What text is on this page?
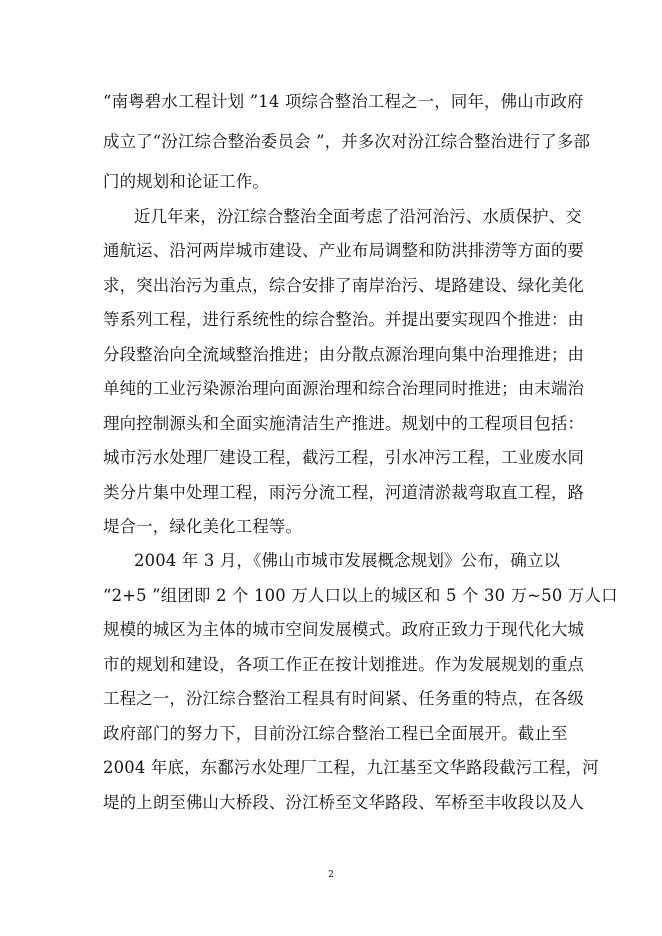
“南粤碧水工程计划 ”14 项综合整治工程之一，同年，佛山市政府
成立了“汾江综合整治委员会 ”，并多次对汾江综合整治进行了多部
门的规划和论证工作。
近几年来，汾江综合整治全面考虑了沿河治污、水质保护、交
通航运、沿河两岸城市建设、产业布局调整和防洪排涝等方面的要
求，突出治污为重点，综合安排了南岸治污、堤路建设、绿化美化
等系列工程，进行系统性的综合整治。并提出要实现四个推进：由
分段整治向全流域整治推进；由分散点源治理向集中治理推进；由
单纯的工业污染源治理向面源治理和综合治理同时推进；由末端治
理向控制源头和全面实施清洁生产推进。规划中的工程项目包括：
城市污水处理厂建设工程，截污工程，引水冲污工程，工业废水同
类分片集中处理工程，雨污分流工程，河道清淤裁弯取直工程，路
堤合一，绿化美化工程等。
2004 年 3 月，《佛山市城市发展概念规划》公布，确立以
“2+5 ”组团即 2 个 100 万人口以上的城区和 5 个 30 万~50 万人口
规模的城区为主体的城市空间发展模式。政府正致力于现代化大城
市的规划和建设，各项工作正在按计划推进。作为发展规划的重点
工程之一，汾江综合整治工程具有时间紧、任务重的特点，在各级
政府部门的努力下，目前汾江综合整治工程已全面展开。截止至
2004 年底，东鄱污水处理厂工程，九江基至文华路段截污工程，河
堤的上朗至佛山大桥段、汾江桥至文华路段、军桥至丰收段以及人
2
